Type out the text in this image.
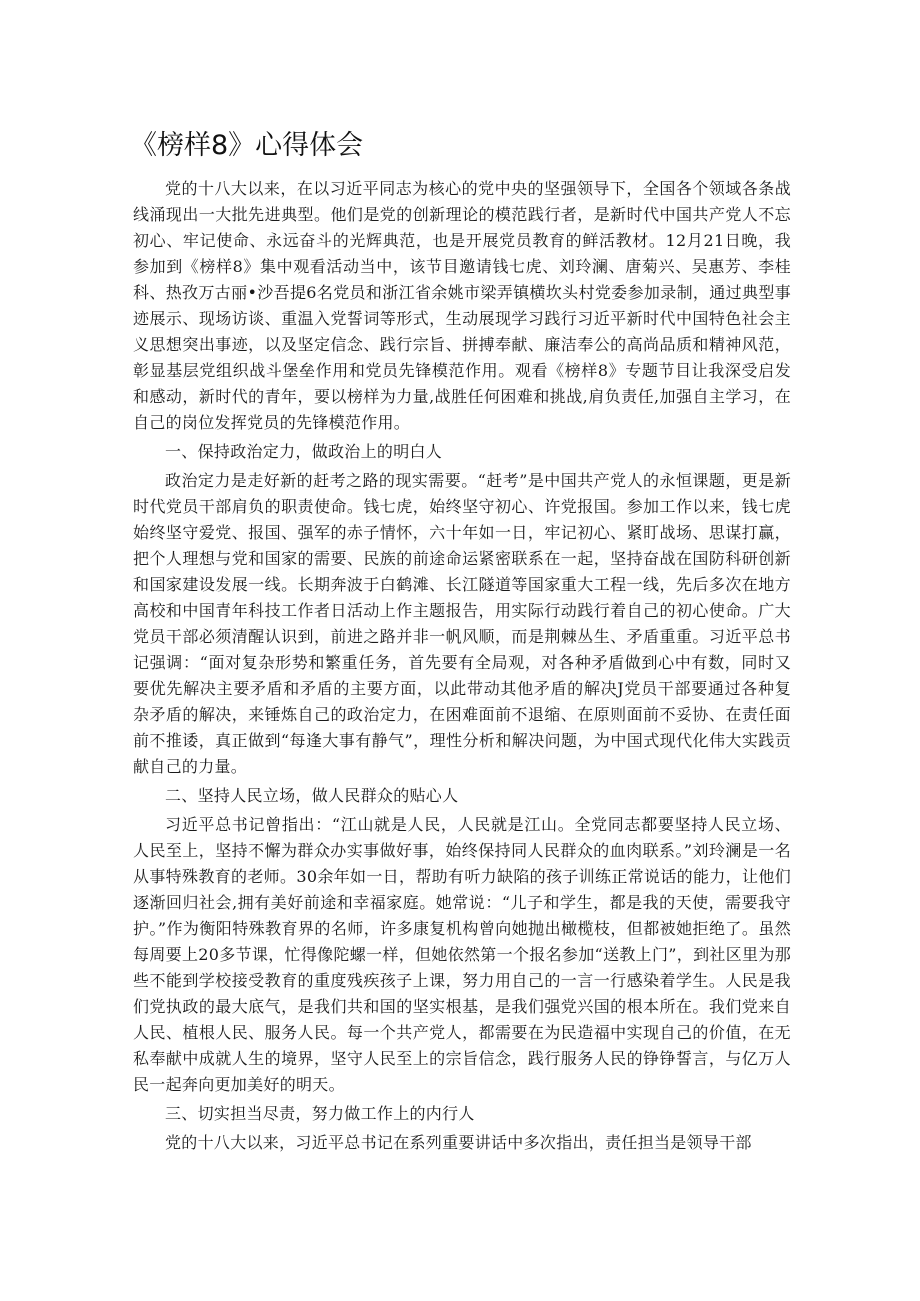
《榜样8》心得体会

党的十八大以来，在以习近平同志为核心的党中央的坚强领导下，全国各个领域各条战线涌现出一大批先进典型。他们是党的创新理论的模范践行者，是新时代中国共产党人不忘初心、牢记使命、永远奋斗的光辉典范，也是开展党员教育的鲜活教材。12月21日晚，我参加到《榜样8》集中观看活动当中，该节目邀请钱七虎、刘玲澜、唐菊兴、吴惠芳、李桂科、热孜万古丽•沙吾提6名党员和浙江省余姚市梁弄镇横坎头村党委参加录制，通过典型事迹展示、现场访谈、重温入党誓词等形式，生动展现学习践行习近平新时代中国特色社会主义思想突出事迹，以及坚定信念、践行宗旨、拼搏奉献、廉洁奉公的高尚品质和精神风范，彰显基层党组织战斗堡垒作用和党员先锋模范作用。观看《榜样8》专题节目让我深受启发和感动，新时代的青年，要以榜样为力量,战胜任何困难和挑战,肩负责任,加强自主学习，在自己的岗位发挥党员的先锋模范作用。

一、保持政治定力，做政治上的明白人

政治定力是走好新的赶考之路的现实需要。“赶考”是中国共产党人的永恒课题，更是新时代党员干部肩负的职责使命。钱七虎，始终坚守初心、许党报国。参加工作以来，钱七虎始终坚守爱党、报国、强军的赤子情怀，六十年如一日，牢记初心、紧盯战场、思谋打赢，把个人理想与党和国家的需要、民族的前途命运紧密联系在一起，坚持奋战在国防科研创新和国家建设发展一线。长期奔波于白鹤滩、长江隧道等国家重大工程一线，先后多次在地方高校和中国青年科技工作者日活动上作主题报告，用实际行动践行着自己的初心使命。广大党员干部必须清醒认识到，前进之路并非一帆风顺，而是荆棘丛生、矛盾重重。习近平总书记强调：“面对复杂形势和繁重任务，首先要有全局观，对各种矛盾做到心中有数，同时又要优先解决主要矛盾和矛盾的主要方面，以此带动其他矛盾的解决J党员干部要通过各种复杂矛盾的解决，来锤炼自己的政治定力，在困难面前不退缩、在原则面前不妥协、在责任面前不推诿，真正做到“每逢大事有静气”，理性分析和解决问题，为中国式现代化伟大实践贡献自己的力量。

二、坚持人民立场，做人民群众的贴心人

习近平总书记曾指出：“江山就是人民，人民就是江山。全党同志都要坚持人民立场、人民至上，坚持不懈为群众办实事做好事，始终保持同人民群众的血肉联系。”刘玲澜是一名从事特殊教育的老师。30余年如一日，帮助有听力缺陷的孩子训练正常说话的能力，让他们逐渐回归社会,拥有美好前途和幸福家庭。她常说：“儿子和学生，都是我的天使，需要我守护。”作为衡阳特殊教育界的名师，许多康复机构曾向她抛出橄榄枝，但都被她拒绝了。虽然每周要上20多节课，忙得像陀螺一样，但她依然第一个报名参加“送教上门”，到社区里为那些不能到学校接受教育的重度残疾孩子上课，努力用自己的一言一行感染着学生。人民是我们党执政的最大底气，是我们共和国的坚实根基，是我们强党兴国的根本所在。我们党来自人民、植根人民、服务人民。每一个共产党人，都需要在为民造福中实现自己的价值，在无私奉献中成就人生的境界，坚守人民至上的宗旨信念，践行服务人民的铮铮誓言，与亿万人民一起奔向更加美好的明天。

三、切实担当尽责，努力做工作上的内行人

党的十八大以来，习近平总书记在系列重要讲话中多次指出，责任担当是领导干部
